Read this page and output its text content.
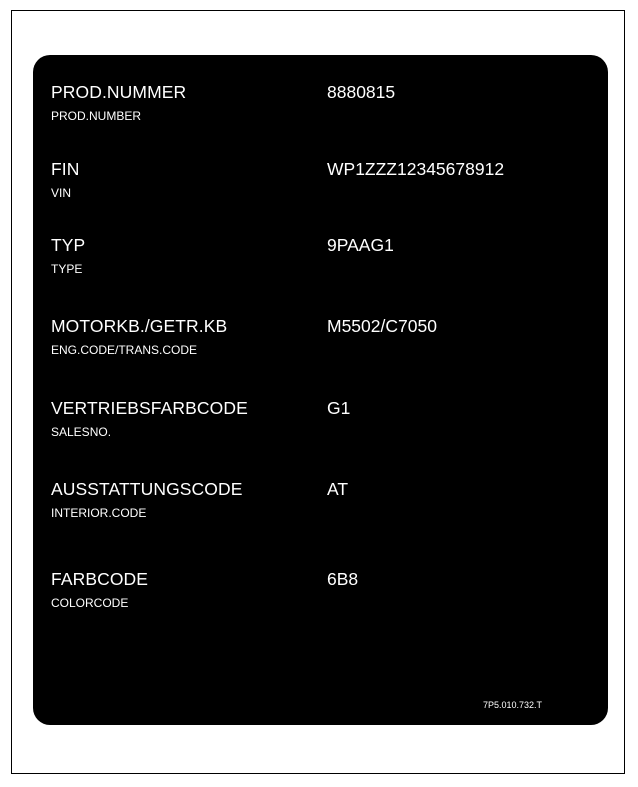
PROD.NUMMER
PROD.NUMBER
8880815
FIN
VIN
WP1ZZZ12345678912
TYP
TYPE
9PAAG1
MOTORKB./GETR.KB
ENG.CODE/TRANS.CODE
M5502/C7050
VERTRIEBSFARBCODE
SALESNO.
G1
AUSSTATTUNGSCODE
INTERIOR.CODE
AT
FARBCODE
COLORCODE
6B8
7P5.010.732.T
